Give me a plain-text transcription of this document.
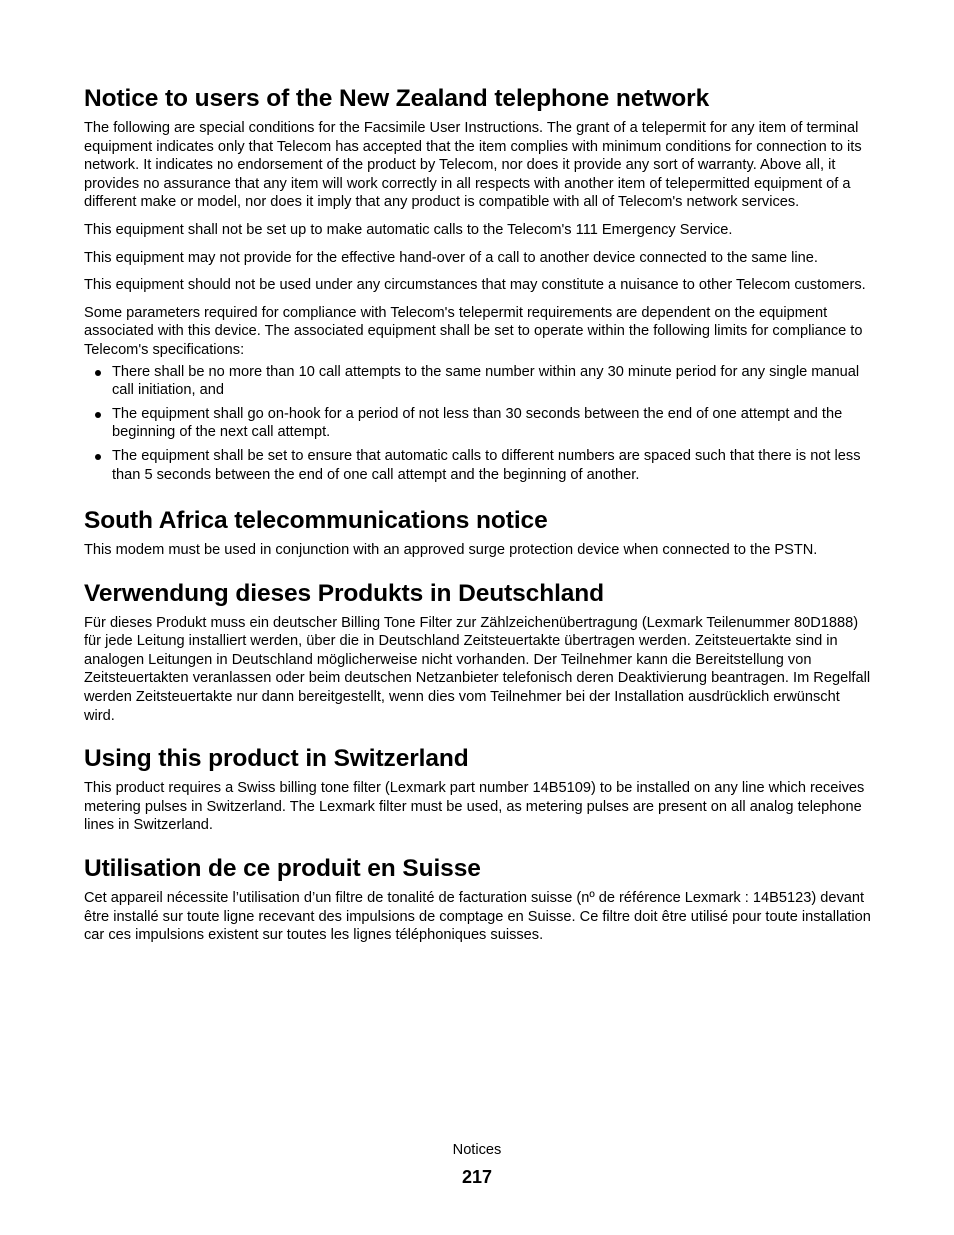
Notice to users of the New Zealand telephone network

The following are special conditions for the Facsimile User Instructions. The grant of a telepermit for any item of terminal equipment indicates only that Telecom has accepted that the item complies with minimum conditions for connection to its network. It indicates no endorsement of the product by Telecom, nor does it provide any sort of warranty. Above all, it provides no assurance that any item will work correctly in all respects with another item of telepermitted equipment of a different make or model, nor does it imply that any product is compatible with all of Telecom's network services.

This equipment shall not be set up to make automatic calls to the Telecom's 111 Emergency Service.

This equipment may not provide for the effective hand-over of a call to another device connected to the same line.

This equipment should not be used under any circumstances that may constitute a nuisance to other Telecom customers.

Some parameters required for compliance with Telecom's telepermit requirements are dependent on the equipment associated with this device. The associated equipment shall be set to operate within the following limits for compliance to Telecom's specifications:

There shall be no more than 10 call attempts to the same number within any 30 minute period for any single manual call initiation, and
The equipment shall go on-hook for a period of not less than 30 seconds between the end of one attempt and the beginning of the next call attempt.
The equipment shall be set to ensure that automatic calls to different numbers are spaced such that there is not less than 5 seconds between the end of one call attempt and the beginning of another.
South Africa telecommunications notice

This modem must be used in conjunction with an approved surge protection device when connected to the PSTN.

Verwendung dieses Produkts in Deutschland

Für dieses Produkt muss ein deutscher Billing Tone Filter zur Zählzeichenübertragung (Lexmark Teilenummer 80D1888) für jede Leitung installiert werden, über die in Deutschland Zeitsteuertakte übertragen werden. Zeitsteuertakte sind in analogen Leitungen in Deutschland möglicherweise nicht vorhanden. Der Teilnehmer kann die Bereitstellung von Zeitsteuertakten veranlassen oder beim deutschen Netzanbieter telefonisch deren Deaktivierung beantragen. Im Regelfall werden Zeitsteuertakte nur dann bereitgestellt, wenn dies vom Teilnehmer bei der Installation ausdrücklich erwünscht wird.

Using this product in Switzerland

This product requires a Swiss billing tone filter (Lexmark part number 14B5109) to be installed on any line which receives metering pulses in Switzerland. The Lexmark filter must be used, as metering pulses are present on all analog telephone lines in Switzerland.

Utilisation de ce produit en Suisse

Cet appareil nécessite l’utilisation d’un filtre de tonalité de facturation suisse (nº de référence Lexmark : 14B5123) devant être installé sur toute ligne recevant des impulsions de comptage en Suisse. Ce filtre doit être utilisé pour toute installation car ces impulsions existent sur toutes les lignes téléphoniques suisses.

Notices
217
